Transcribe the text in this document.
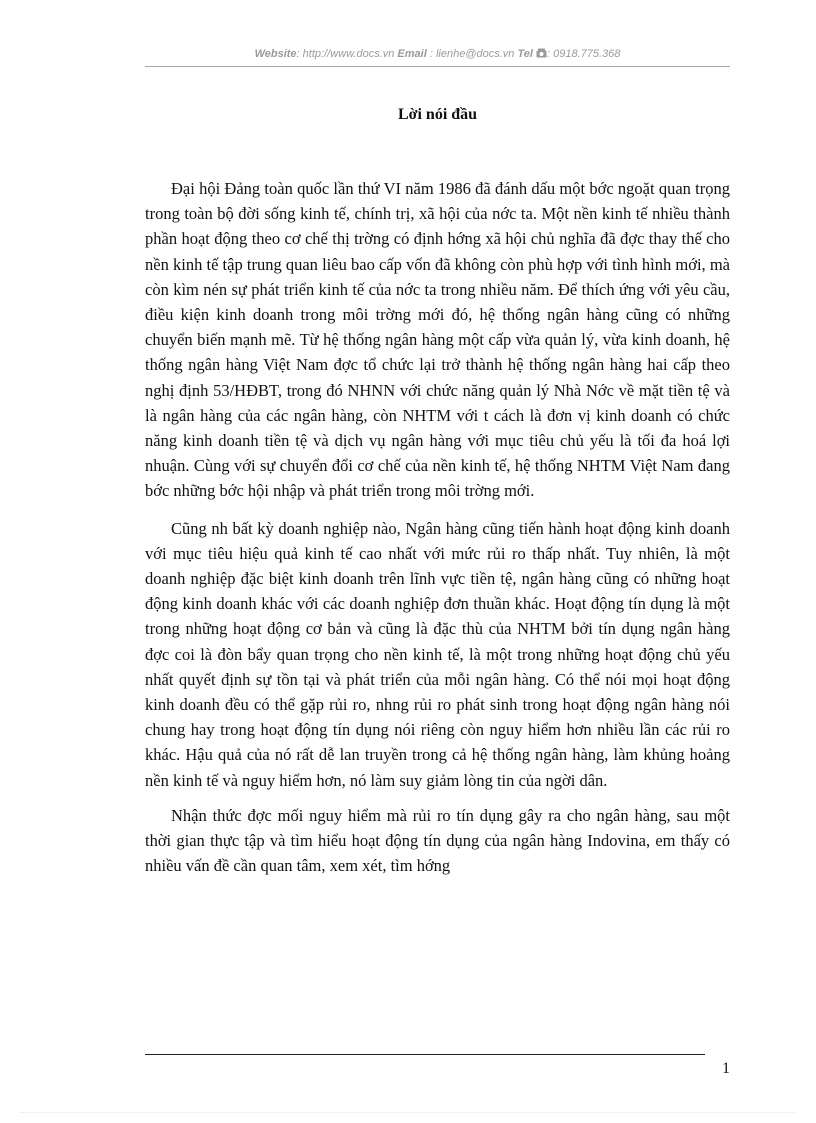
Website: http://www.docs.vn Email : lienhe@docs.vn Tel : 0918.775.368
Lời nói đầu

Đại hội Đảng toàn quốc lần thứ VI năm 1986 đã đánh dấu một bớc ngoặt quan trọng trong toàn bộ đời sống kinh tế, chính trị, xã hội của nớc ta. Một nền kinh tế nhiều thành phần hoạt động theo cơ chế thị trờng có định hớng xã hội chủ nghĩa đã đợc thay thế cho nền kinh tế tập trung quan liêu bao cấp vốn đã không còn phù hợp với tình hình mới, mà còn kìm nén sự phát triển kinh tế của nớc ta trong nhiều năm. Để thích ứng với yêu cầu, điều kiện kinh doanh trong môi trờng mới đó, hệ thống ngân hàng cũng có những chuyển biến mạnh mẽ. Từ hệ thống ngân hàng một cấp vừa quản lý, vừa kinh doanh, hệ thống ngân hàng Việt Nam đợc tổ chức lại trở thành hệ thống ngân hàng hai cấp theo nghị định 53/HĐBT, trong đó NHNN với chức năng quản lý Nhà Nớc về mặt tiền tệ và là ngân hàng của các ngân hàng, còn NHTM với t cách là đơn vị kinh doanh có chức năng kinh doanh tiền tệ và dịch vụ ngân hàng với mục tiêu chủ yếu là tối đa hoá lợi nhuận. Cùng với sự chuyển đổi cơ chế của nền kinh tế, hệ thống NHTM Việt Nam đang bớc những bớc hội nhập và phát triển trong môi trờng mới.

Cũng nh bất kỳ doanh nghiệp nào, Ngân hàng cũng tiến hành hoạt động kinh doanh với mục tiêu hiệu quả kinh tế cao nhất với mức rủi ro thấp nhất. Tuy nhiên, là một doanh nghiệp đặc biệt kinh doanh trên lĩnh vực tiền tệ, ngân hàng cũng có những hoạt động kinh doanh khác với các doanh nghiệp đơn thuần khác. Hoạt động tín dụng là một trong những hoạt động cơ bản và cũng là đặc thù của NHTM bởi tín dụng ngân hàng đợc coi là đòn bẩy quan trọng cho nền kinh tế, là một trong những hoạt động chủ yếu nhất quyết định sự tồn tại và phát triển của mỗi ngân hàng. Có thể nói mọi hoạt động kinh doanh đều có thể gặp rủi ro, nhng rủi ro phát sinh trong hoạt động ngân hàng nói chung hay trong hoạt động tín dụng nói riêng còn nguy hiểm hơn nhiều lần các rủi ro khác. Hậu quả của nó rất dễ lan truyền trong cả hệ thống ngân hàng, làm khủng hoảng nền kinh tế và nguy hiểm hơn, nó làm suy giảm lòng tin của ngời dân.

Nhận thức đợc mối nguy hiểm mà rủi ro tín dụng gây ra cho ngân hàng, sau một thời gian thực tập và tìm hiểu hoạt động tín dụng của ngân hàng Indovina, em thấy có nhiều vấn đề cần quan tâm, xem xét, tìm hớng

1
